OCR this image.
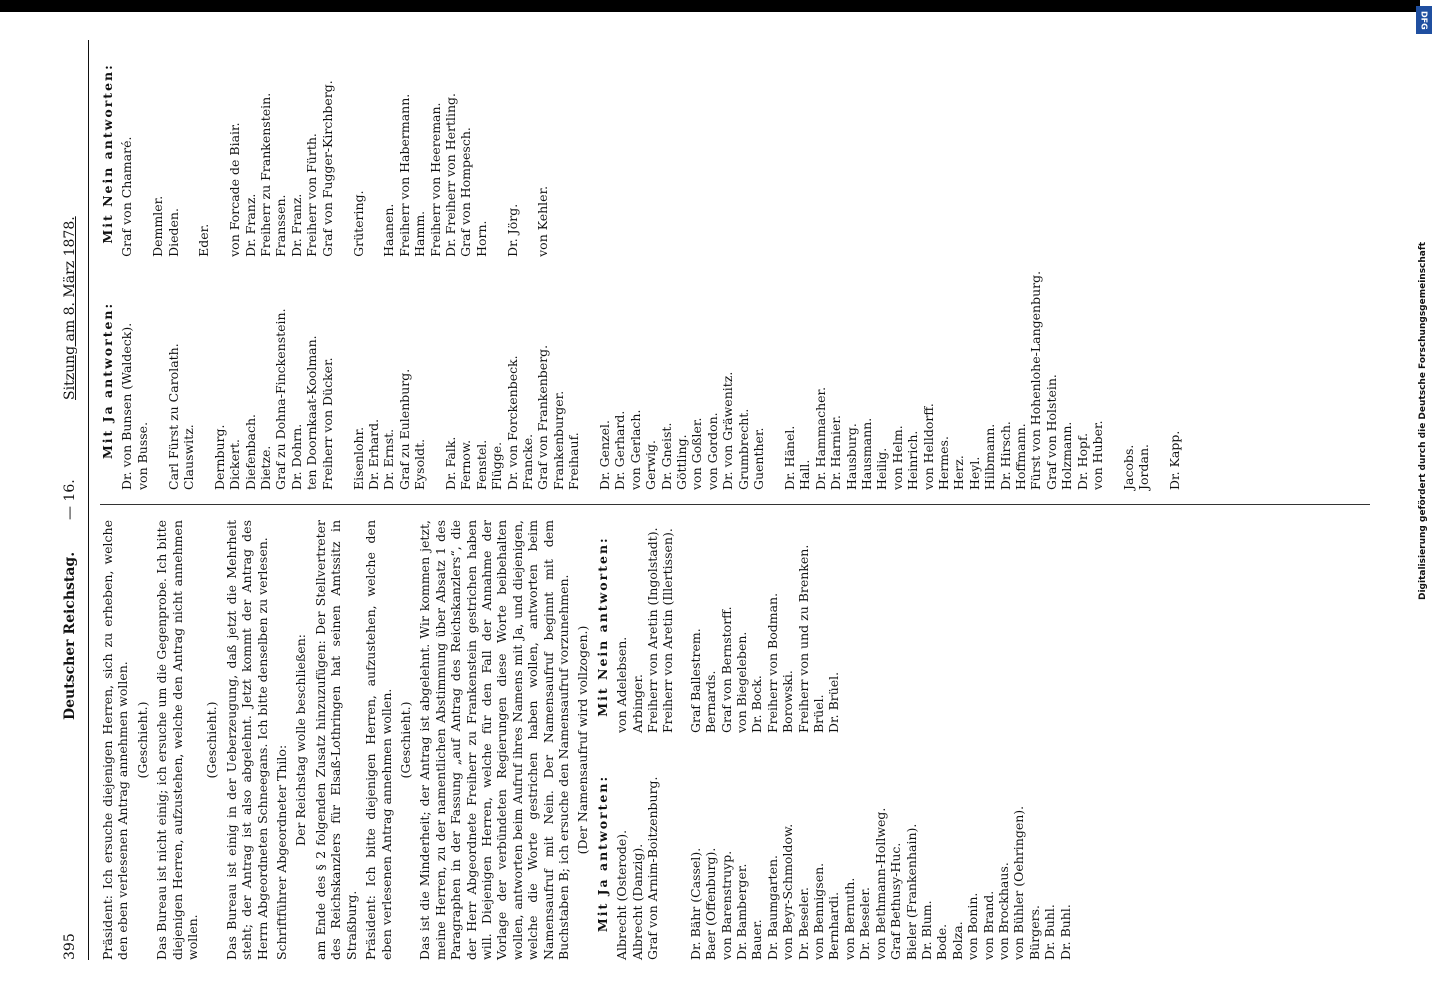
DFG
Digitalisierung gefördert durch die Deutsche Forschungsgemeinschaft
395
Deutscher Reichstag.
— 16.
Sitzung am 8. März 1878.

Präsident: Ich ersuche diejenigen Herren, sich zu erheben, welche den eben verlesenen Antrag annehmen wollen. (Geschieht.) Das Bureau ist nicht einig; ich ersuche um die Gegenprobe. Ich bitte diejenigen Herren, aufzustehen, welche den Antrag nicht annehmen wollen.

(Geschieht.) Das Bureau ist einig in der Ueberzeugung, daß jetzt die Mehrheit steht; der Antrag ist also abgelehnt. Jetzt kommt der Antrag des Herrn Abgeordneten Schneegans. Ich bitte denselben zu verlesen. Schriftführer Abgeordneter Thilo:

Der Reichstag wolle beschließen: am Ende des § 2 folgenden Zusatz hinzuzufügen: Der Stellvertreter des Reichskanzlers für Elsaß-Lothringen hat seinen Amtssitz in Straßburg. Präsident: Ich bitte diejenigen Herren, aufzustehen, welche den eben verlesenen Antrag annehmen wollen. (Geschieht.) Das ist die Minderheit; der Antrag ist abgelehnt. Wir kommen jetzt, meine Herren, zu der namentlichen Abstimmung über Absatz 1 des Paragraphen in der Fassung „auf Antrag des Reichskanzlers“, die der Herr Abgeordnete Freiherr zu Frankenstein gestrichen haben will. Diejenigen Herren, welche für den Fall der Annahme der Vorlage der verbündeten Regierungen diese Worte beibehalten wollen, antworten beim Aufruf ihres Namens mit Ja, und diejenigen, welche die Worte gestrichen haben wollen, antworten beim Namensaufruf mit Nein. Der Namensaufruf beginnt mit dem Buchstaben B; ich ersuche den Namensaufruf vorzunehmen. (Der Namensaufruf wird vollzogen.) Mit Ja antworten: Albrecht (Osterode). Albrecht (Danzig). Graf von Arnim-Boitzenburg.

Mit Nein antworten: von Adelebsen. Arbinger. Freiherr von Aretin (Ingolstadt). Freiherr von Aretin (Illertissen).
Dr. Bähr (Cassel). Baer (Offenburg). von Barenstruyp. Dr. Bamberger. Bauer. Dr. Baumgarten. von Beyr-Schmoldow. Dr. Beseler. von Bennigsen. Bernhardi. von Bernuth. Dr. Beseler. von Bethmann-Hollweg. Graf Bethusy-Huc. Bieler (Frankenhain). Dr. Blum. Bode. Bolza. von Bonin. von Brand. von Brockhaus. von Bühler (Oehringen). Bürgers. Dr. Buhl. Dr. Buhl.
Graf Ballestrem. Bernards. Graf von Bernstorff. von Biegeleben. Dr. Bock. Freiherr von Bodman. Borowski. Freiherr von und zu Brenken. Brüel. Dr. Brüel.

Mit Ja antworten: Dr. von Bunsen (Waldeck). von Busse.
Carl Fürst zu Carolath. Clauswitz.
Dernburg. Dickert. Diefenbach. Dietze. Graf zu Dohna-Finckenstein. Dr. Dohrn. ten Doornkaat-Koolman. Freiherr von Dücker.
Eisenlohr. Dr. Erhard. Dr. Ernst. Graf zu Eulenburg. Eysoldt.
Dr. Falk. Fernow. Fenstel. Flügge. Dr. von Forckenbeck. Francke. Graf von Frankenberg. Frankenburger. Freihauf.
Dr. Genzel. Dr. Gerhard. von Gerlach. Gerwig. Dr. Gneist. Göttling. von Goßler. von Gordon. Dr. von Gräwenitz. Grumbrecht. Guenther.
Dr. Hänel. Hall. Dr. Hammacher. Dr. Harnier. Hausburg. Hausmann. Heilig. von Helm. Heinrich. von Helldorff. Hermes. Herz. Heyl. Hilbmann. Dr. Hirsch. Hoffmann. Fürst von Hohenlohe-Langenburg. Graf von Holstein. Holzmann. Dr. Hopf. von Huber.
Jacobs. Jordan.
Dr. Kapp.

Mit Nein antworten: Graf von Chamaré.
Demmler. Dieden.
Eder.
von Forcade de Biair. Dr. Franz. Freiherr zu Frankenstein. Franssen. Dr. Franz. Freiherr von Fürth. Graf von Fugger-Kirchberg.
Grütering.
Haanen. Freiherr von Habermann. Hamm. Freiherr von Heereman. Dr. Freiherr von Hertling. Graf von Hompesch. Horn.
Dr. Jörg.
von Kehler.
